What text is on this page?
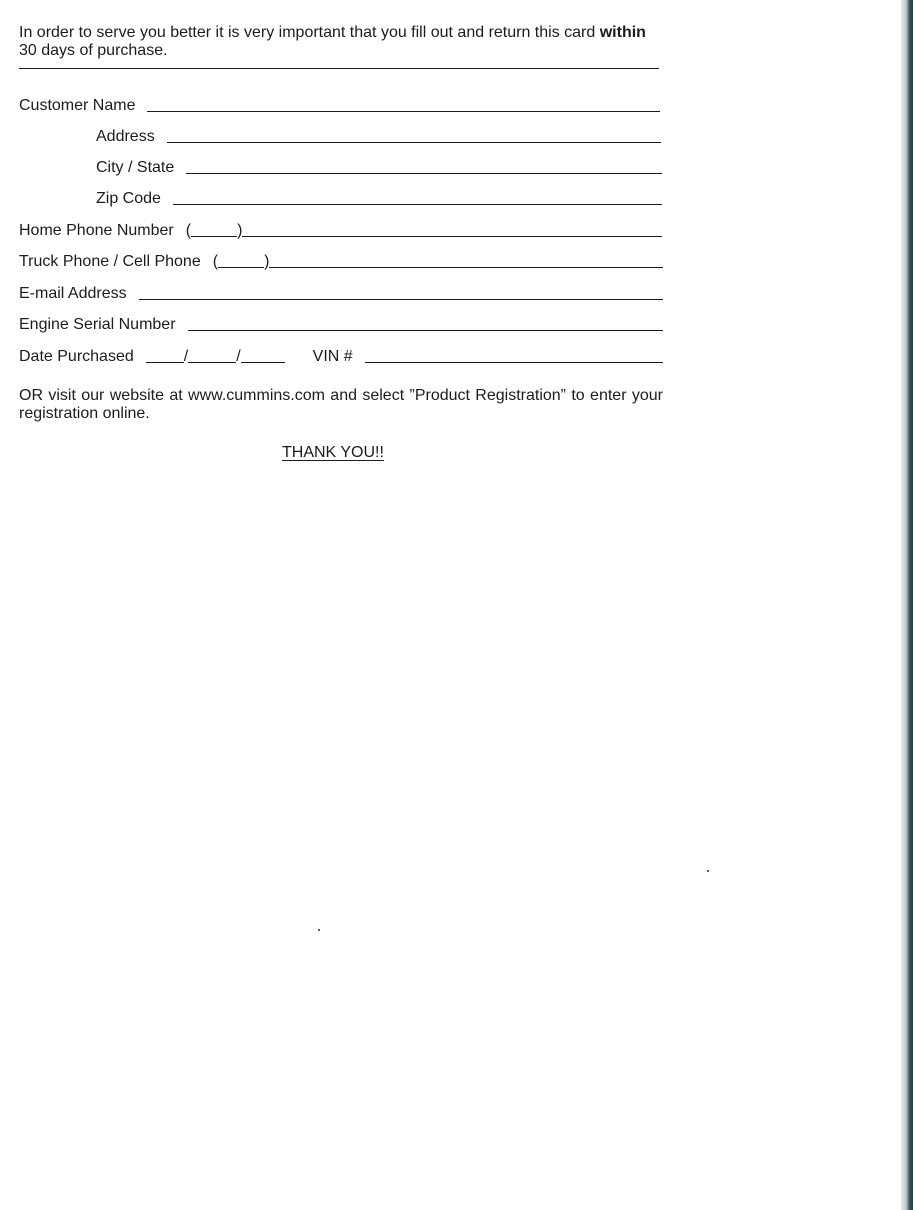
In order to serve you better it is very important that you fill out and return this card within 30 days of purchase.
Customer Name
Address
City / State
Zip Code
Home Phone Number (	)
Truck Phone / Cell Phone (	)
E-mail Address
Engine Serial Number
Date Purchased	/	/	VIN #
OR visit our website at www.cummins.com and select ”Product Registration” to enter your registration online.
THANK YOU!!
